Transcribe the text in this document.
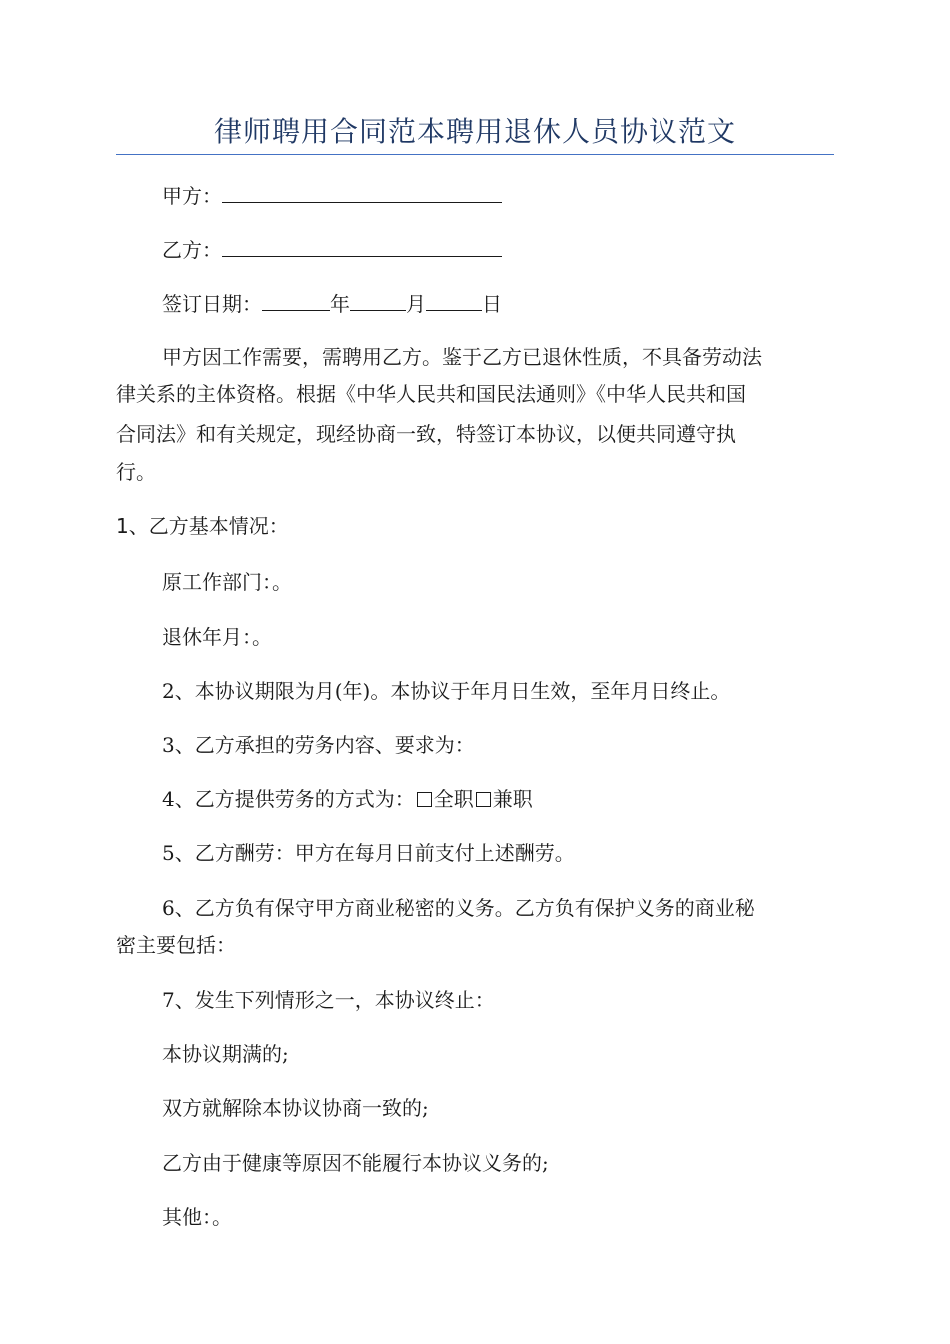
律师聘用合同范本聘用退休人员协议范文
甲方：
乙方：
签订日期：	年	月	日
甲方因工作需要，需聘用乙方。鉴于乙方已退休性质，不具备劳动法
律关系的主体资格。根据《中华人民共和国民法通则》《中华人民共和国
合同法》和有关规定，现经协商一致，特签订本协议，以便共同遵守执
行。
1、乙方基本情况：
原工作部门：。
退休年月：。
2、本协议期限为月(年)。本协议于年月日生效，至年月日终止。
3、乙方承担的劳务内容、要求为：
4、乙方提供劳务的方式为： 全职 兼职
5、乙方酬劳：甲方在每月日前支付上述酬劳。
6、乙方负有保守甲方商业秘密的义务。乙方负有保护义务的商业秘
密主要包括：
7、发生下列情形之一，本协议终止：
本协议期满的;
双方就解除本协议协商一致的;
乙方由于健康等原因不能履行本协议义务的;
其他：。
